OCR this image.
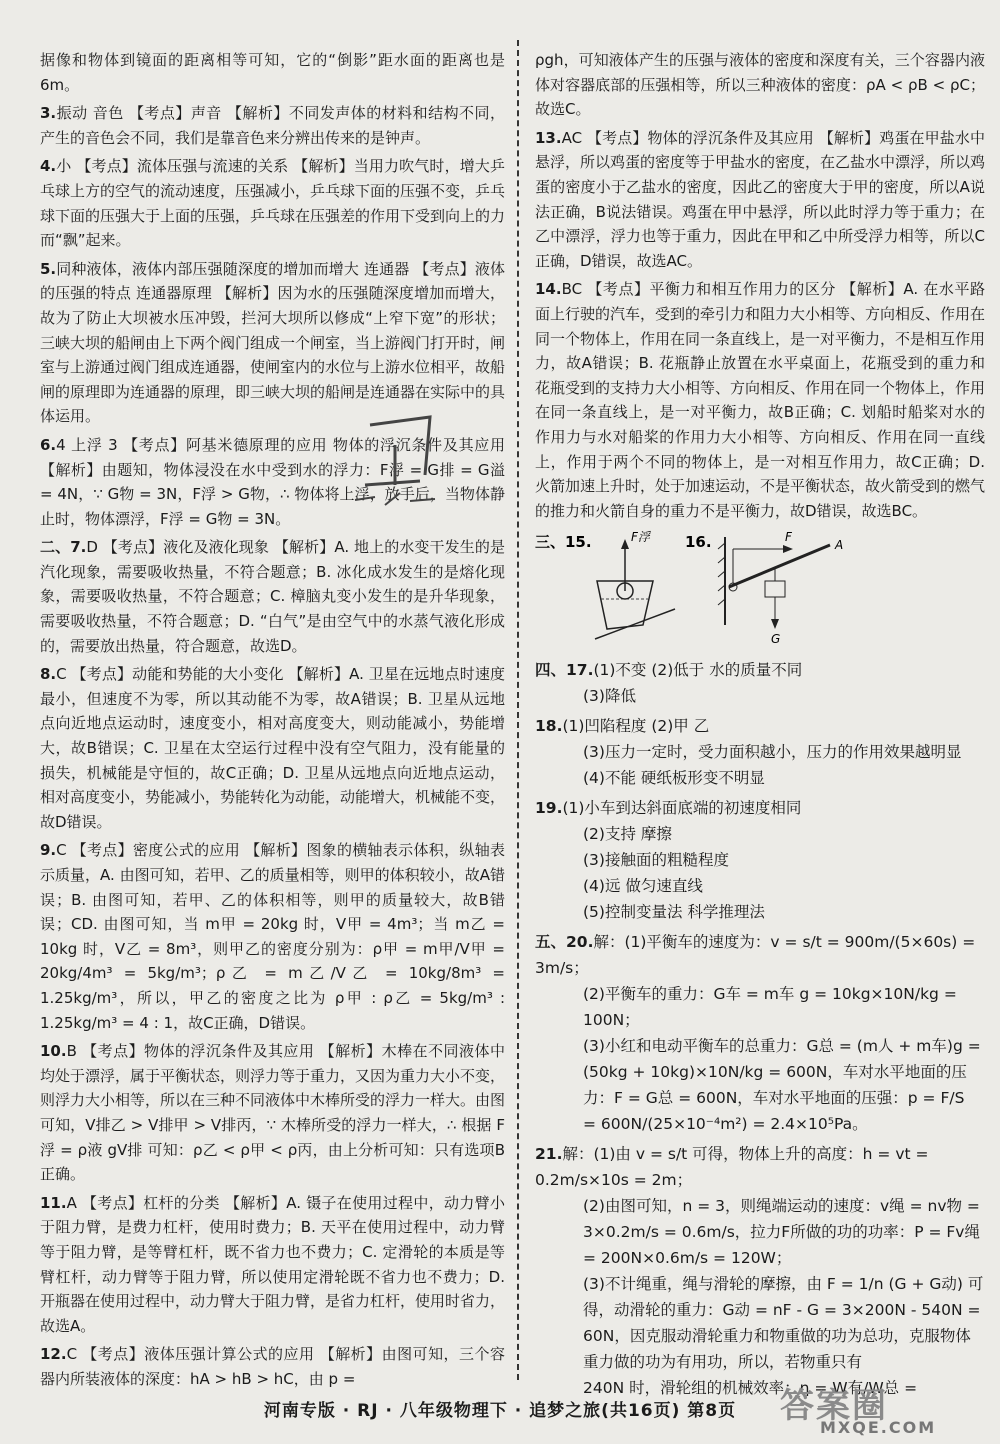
据像和物体到镜面的距离相等可知，它的“倒影”距水面的距离也是6m。

3.振动 音色 【考点】声音 【解析】不同发声体的材料和结构不同，产生的音色会不同，我们是靠音色来分辨出传来的是钟声。

4.小 【考点】流体压强与流速的关系 【解析】当用力吹气时，增大乒乓球上方的空气的流动速度，压强减小，乒乓球下面的压强不变，乒乓球下面的压强大于上面的压强，乒乓球在压强差的作用下受到向上的力而“飘”起来。

5.同种液体，液体内部压强随深度的增加而增大 连通器 【考点】液体的压强的特点 连通器原理 【解析】因为水的压强随深度增加而增大，故为了防止大坝被水压冲毁，拦河大坝所以修成“上窄下宽”的形状；三峡大坝的船闸由上下两个阀门组成一个闸室，当上游阀门打开时，闸室与上游通过阀门组成连通器，使闸室内的水位与上游水位相平，故船闸的原理即为连通器的原理，即三峡大坝的船闸是连通器在实际中的具体运用。

6.4 上浮 3 【考点】阿基米德原理的应用 物体的浮沉条件及其应用 【解析】由题知，物体浸没在水中受到水的浮力：F浮 = G排 = G溢 = 4N，∵ G物 = 3N，F浮 > G物，∴ 物体将上浮，放手后，当物体静止时，物体漂浮，F浮 = G物 = 3N。

二、7.D 【考点】液化及液化现象 【解析】A. 地上的水变干发生的是汽化现象，需要吸收热量，不符合题意；B. 冰化成水发生的是熔化现象，需要吸收热量，不符合题意；C. 樟脑丸变小发生的是升华现象，需要吸收热量，不符合题意；D. “白气”是由空气中的水蒸气液化形成的，需要放出热量，符合题意，故选D。

8.C 【考点】动能和势能的大小变化 【解析】A. 卫星在远地点时速度最小，但速度不为零，所以其动能不为零，故A错误；B. 卫星从远地点向近地点运动时，速度变小，相对高度变大，则动能减小，势能增大，故B错误；C. 卫星在太空运行过程中没有空气阻力，没有能量的损失，机械能是守恒的，故C正确；D. 卫星从远地点向近地点运动，相对高度变小，势能减小，势能转化为动能，动能增大，机械能不变，故D错误。

9.C 【考点】密度公式的应用 【解析】图象的横轴表示体积，纵轴表示质量，A. 由图可知，若甲、乙的质量相等，则甲的体积较小，故A错误；B. 由图可知，若甲、乙的体积相等，则甲的质量较大，故B错误；CD. 由图可知，当 m甲 = 20kg 时，V甲 = 4m³；当 m乙 = 10kg 时，V乙 = 8m³，则甲乙的密度分别为：ρ甲 = m甲/V甲 = 20kg/4m³ = 5kg/m³；ρ乙 = m乙/V乙 = 10kg/8m³ = 1.25kg/m³，所以，甲乙的密度之比为 ρ甲 : ρ乙 = 5kg/m³ : 1.25kg/m³ = 4 : 1，故C正确，D错误。

10.B 【考点】物体的浮沉条件及其应用 【解析】木棒在不同液体中均处于漂浮，属于平衡状态，则浮力等于重力，又因为重力大小不变，则浮力大小相等，所以在三种不同液体中木棒所受的浮力一样大。由图可知，V排乙 > V排甲 > V排丙，∵ 木棒所受的浮力一样大，∴ 根据 F浮 = ρ液 gV排 可知：ρ乙 < ρ甲 < ρ丙，由上分析可知：只有选项B正确。

11.A 【考点】杠杆的分类 【解析】A. 镊子在使用过程中，动力臂小于阻力臂，是费力杠杆，使用时费力；B. 天平在使用过程中，动力臂等于阻力臂，是等臂杠杆，既不省力也不费力；C. 定滑轮的本质是等臂杠杆，动力臂等于阻力臂，所以使用定滑轮既不省力也不费力；D. 开瓶器在使用过程中，动力臂大于阻力臂，是省力杠杆，使用时省力，故选A。

12.C 【考点】液体压强计算公式的应用 【解析】由图可知，三个容器内所装液体的深度：hA > hB > hC，由 p =

ρgh，可知液体产生的压强与液体的密度和深度有关，三个容器内液体对容器底部的压强相等，所以三种液体的密度：ρA < ρB < ρC；故选C。

13.AC 【考点】物体的浮沉条件及其应用 【解析】鸡蛋在甲盐水中悬浮，所以鸡蛋的密度等于甲盐水的密度，在乙盐水中漂浮，所以鸡蛋的密度小于乙盐水的密度，因此乙的密度大于甲的密度，所以A说法正确，B说法错误。鸡蛋在甲中悬浮，所以此时浮力等于重力；在乙中漂浮，浮力也等于重力，因此在甲和乙中所受浮力相等，所以C正确，D错误，故选AC。

14.BC 【考点】平衡力和相互作用力的区分 【解析】A. 在水平路面上行驶的汽车，受到的牵引力和阻力大小相等、方向相反、作用在同一个物体上，作用在同一条直线上，是一对平衡力，不是相互作用力，故A错误；B. 花瓶静止放置在水平桌面上，花瓶受到的重力和花瓶受到的支持力大小相等、方向相反、作用在同一个物体上，作用在同一条直线上，是一对平衡力，故B正确；C. 划船时船桨对水的作用力与水对船桨的作用力大小相等、方向相反、作用在同一直线上，作用于两个不同的物体上，是一对相互作用力，故C正确；D. 火箭加速上升时，处于加速运动，不是平衡状态，故火箭受到的燃气的推力和火箭自身的重力不是平衡力，故D错误，故选BC。

三、15.	F浮 16.	F
A
G
四、17.(1)不变 (2)低于 水的质量不同
(3)降低
18.(1)凹陷程度 (2)甲 乙
(3)压力一定时，受力面积越小，压力的作用效果越明显
(4)不能 硬纸板形变不明显
19.(1)小车到达斜面底端的初速度相同
(2)支持 摩擦
(3)接触面的粗糙程度
(4)远 做匀速直线
(5)控制变量法 科学推理法
五、20.解：(1)平衡车的速度为：v = s/t = 900m/(5×60s) = 3m/s；
(2)平衡车的重力：G车 = m车 g = 10kg×10N/kg = 100N；
(3)小红和电动平衡车的总重力：G总 = (m人 + m车)g = (50kg + 10kg)×10N/kg = 600N，车对水平地面的压力：F = G总 = 600N，车对水平地面的压强：p = F/S
= 600N/(25×10⁻⁴m²) = 2.4×10⁵Pa。
21.解：(1)由 v = s/t 可得，物体上升的高度：h = vt = 0.2m/s×10s = 2m；
(2)由图可知，n = 3，则绳端运动的速度：v绳 = nv物 = 3×0.2m/s = 0.6m/s，拉力F所做的功的功率：P = Fv绳 = 200N×0.6m/s = 120W；
(3)不计绳重，绳与滑轮的摩擦，由 F = 1/n (G + G动) 可得，动滑轮的重力：G动 = nF - G = 3×200N - 540N = 60N，因克服动滑轮重力和物重做的功为总功，克服物体重力做的功为有用功，所以，若物重只有
240N 时，滑轮组的机械效率：η = W有/W总 =
河南专版 · RJ · 八年级物理下 · 追梦之旅(共16页) 第8页	答案圈
MXQE.COM
